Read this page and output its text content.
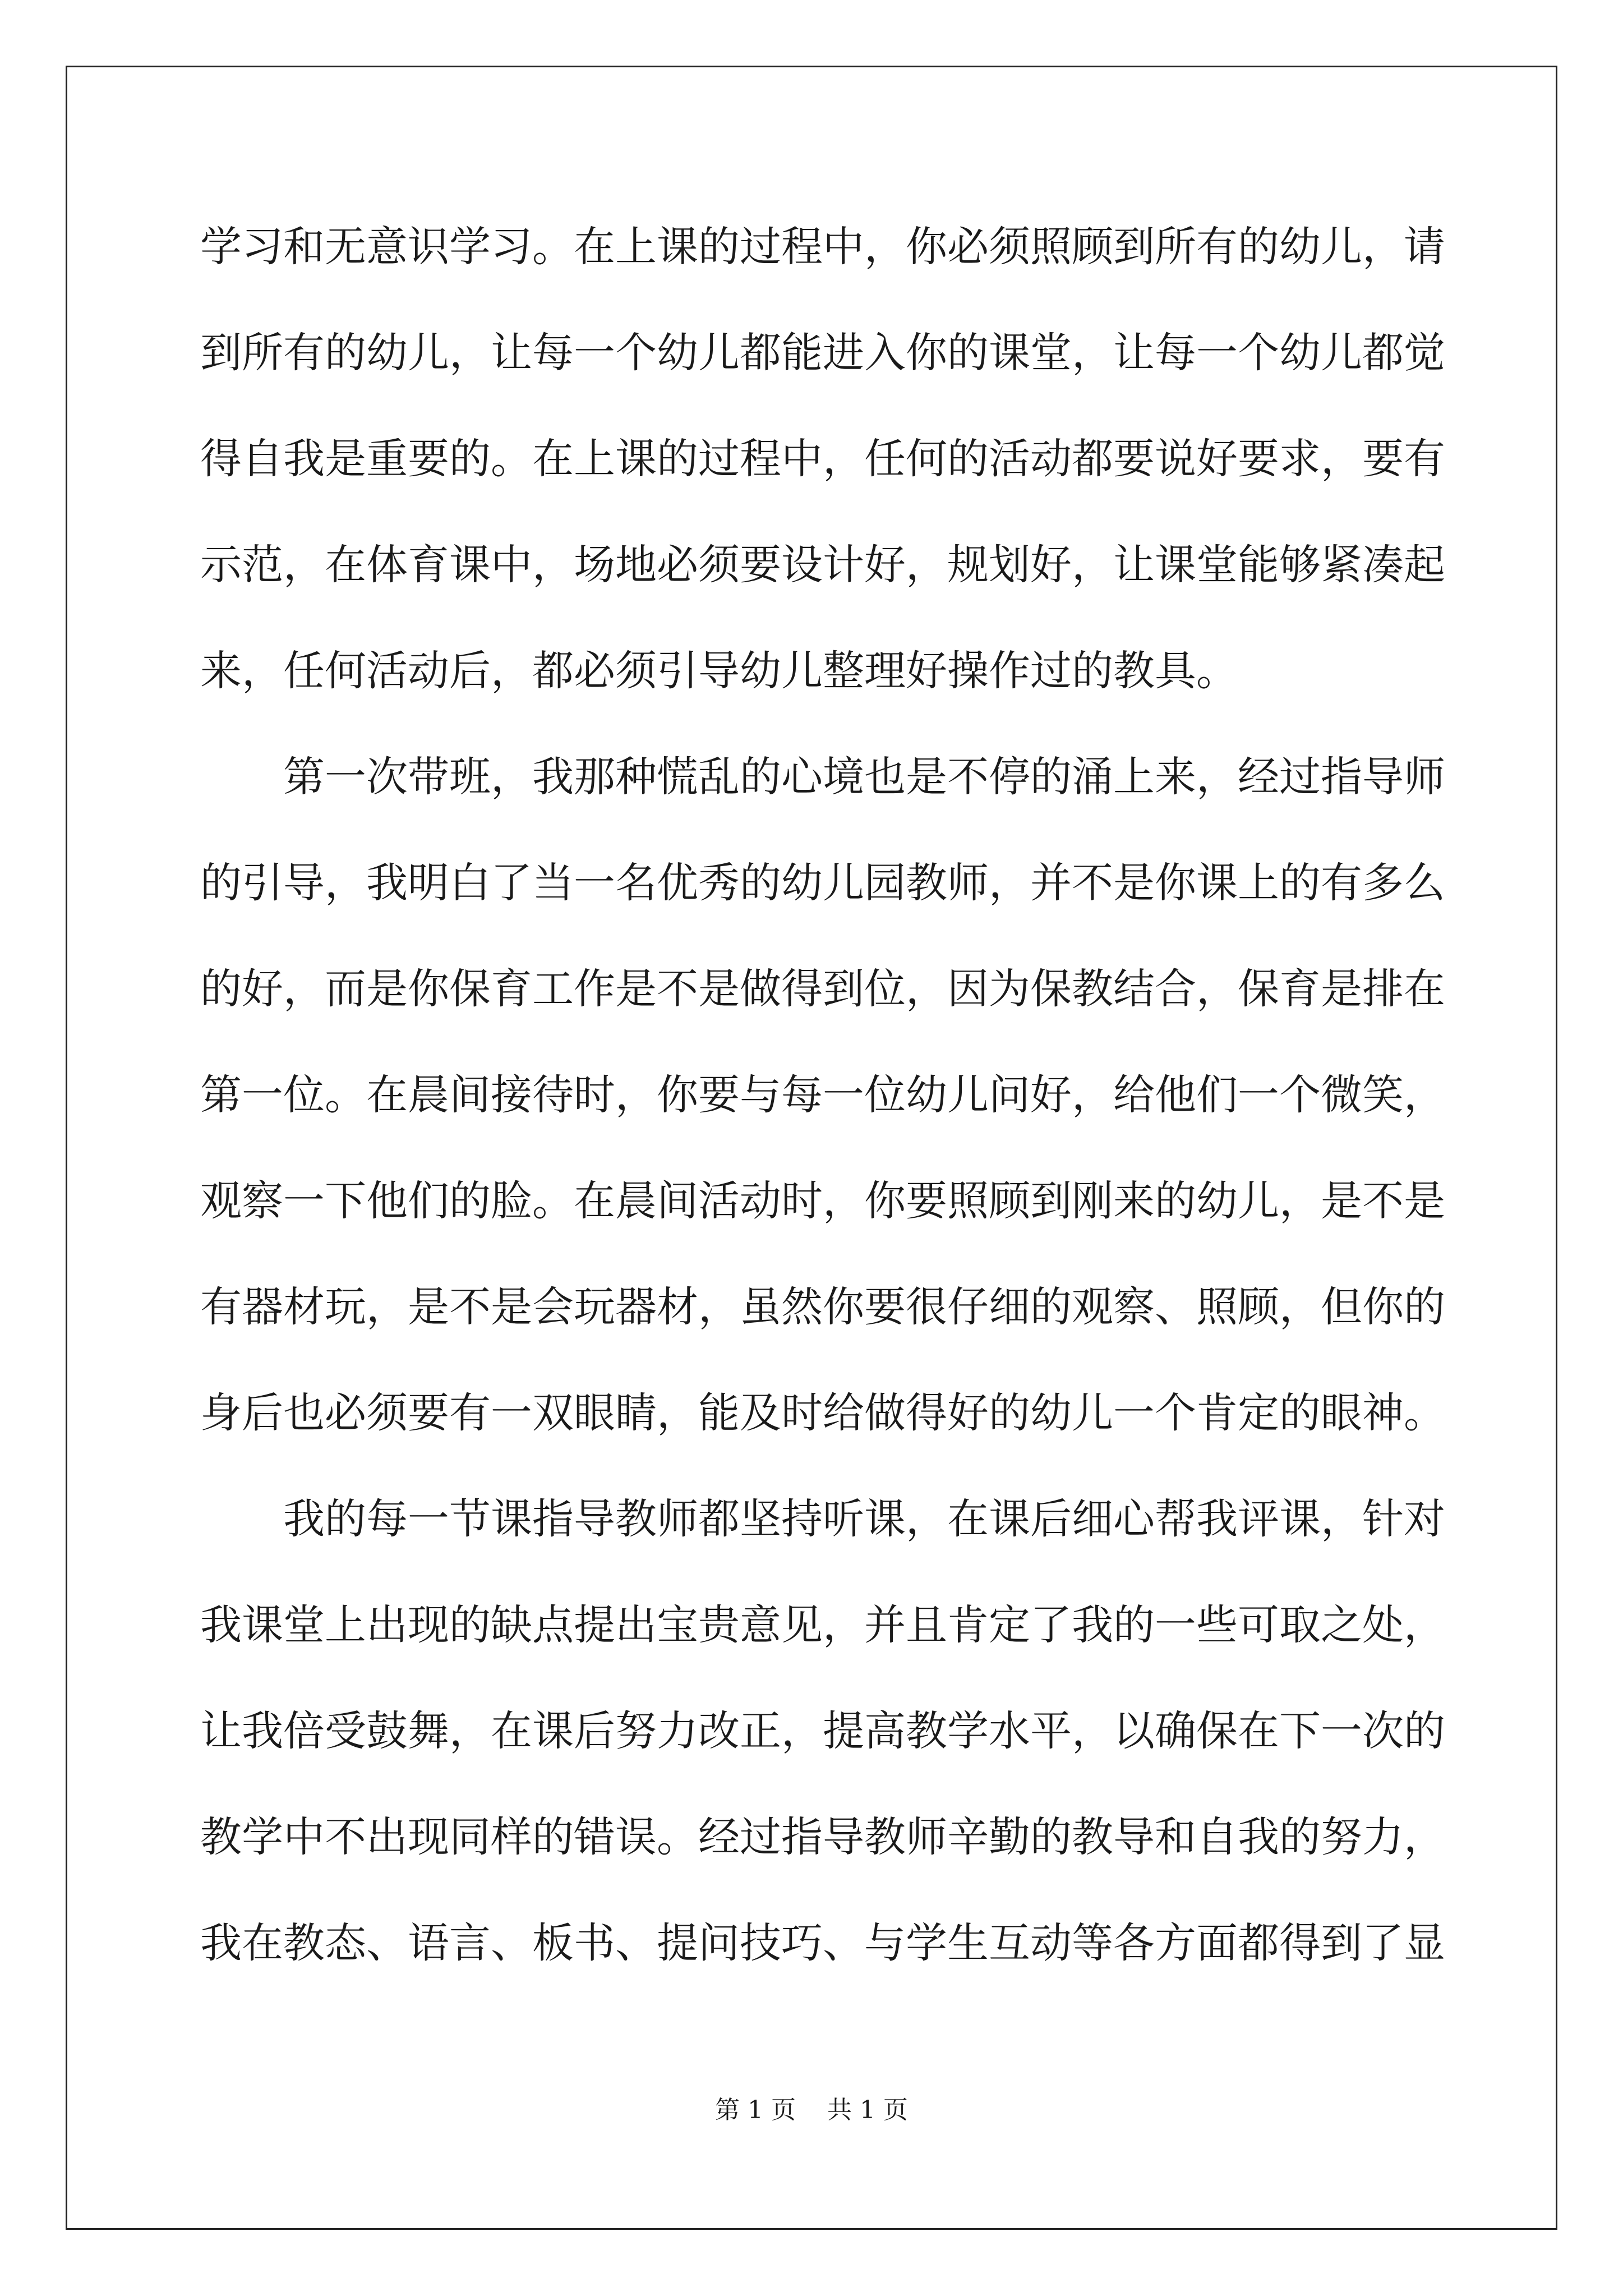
学习和无意识学习。在上课的过程中，你必须照顾到所有的幼儿，请
到所有的幼儿，让每一个幼儿都能进入你的课堂，让每一个幼儿都觉
得自我是重要的。在上课的过程中，任何的活动都要说好要求，要有
示范，在体育课中，场地必须要设计好，规划好，让课堂能够紧凑起
来，任何活动后，都必须引导幼儿整理好操作过的教具。
第一次带班，我那种慌乱的心境也是不停的涌上来，经过指导师
的引导，我明白了当一名优秀的幼儿园教师，并不是你课上的有多么
的好，而是你保育工作是不是做得到位，因为保教结合，保育是排在
第一位。在晨间接待时，你要与每一位幼儿问好，给他们一个微笑，
观察一下他们的脸。在晨间活动时，你要照顾到刚来的幼儿，是不是
有器材玩，是不是会玩器材，虽然你要很仔细的观察、照顾，但你的
身后也必须要有一双眼睛，能及时给做得好的幼儿一个肯定的眼神。
我的每一节课指导教师都坚持听课，在课后细心帮我评课，针对
我课堂上出现的缺点提出宝贵意见，并且肯定了我的一些可取之处，
让我倍受鼓舞，在课后努力改正，提高教学水平，以确保在下一次的
教学中不出现同样的错误。经过指导教师辛勤的教导和自我的努力，
我在教态、语言、板书、提问技巧、与学生互动等各方面都得到了显
第 1 页    共 1 页
